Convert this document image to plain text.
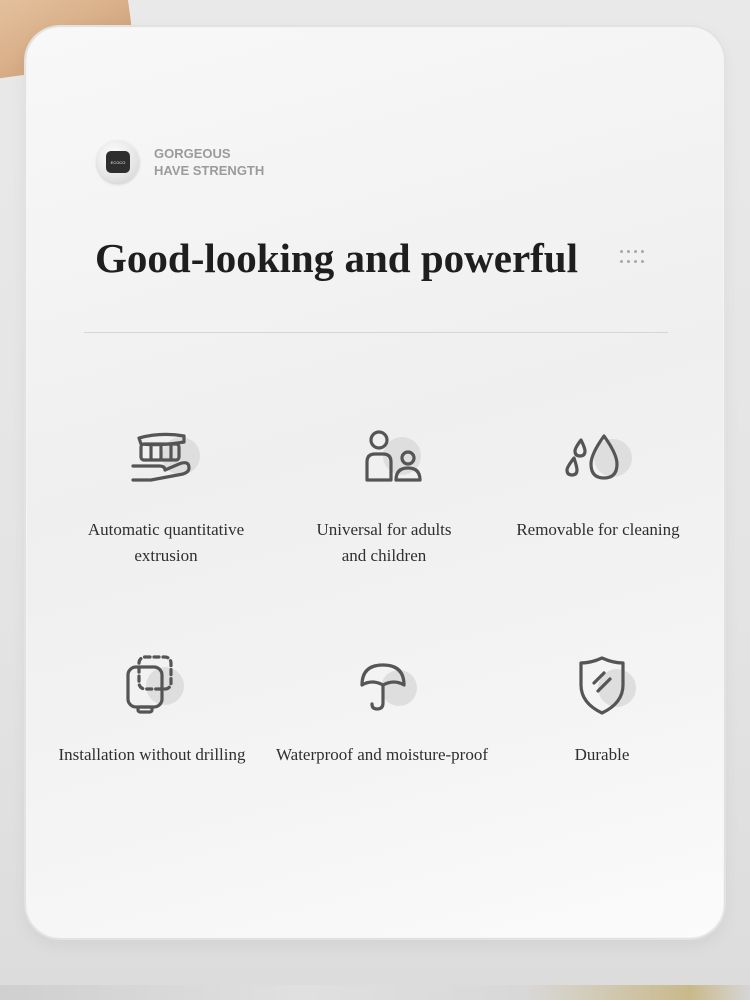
ECOCO
GORGEOUS
HAVE STRENGTH
Good-looking and powerful
Automatic quantitative
extrusion
Universal for adults
and children
Removable for cleaning
Installation without drilling	Waterproof and moisture-proof	Durable
